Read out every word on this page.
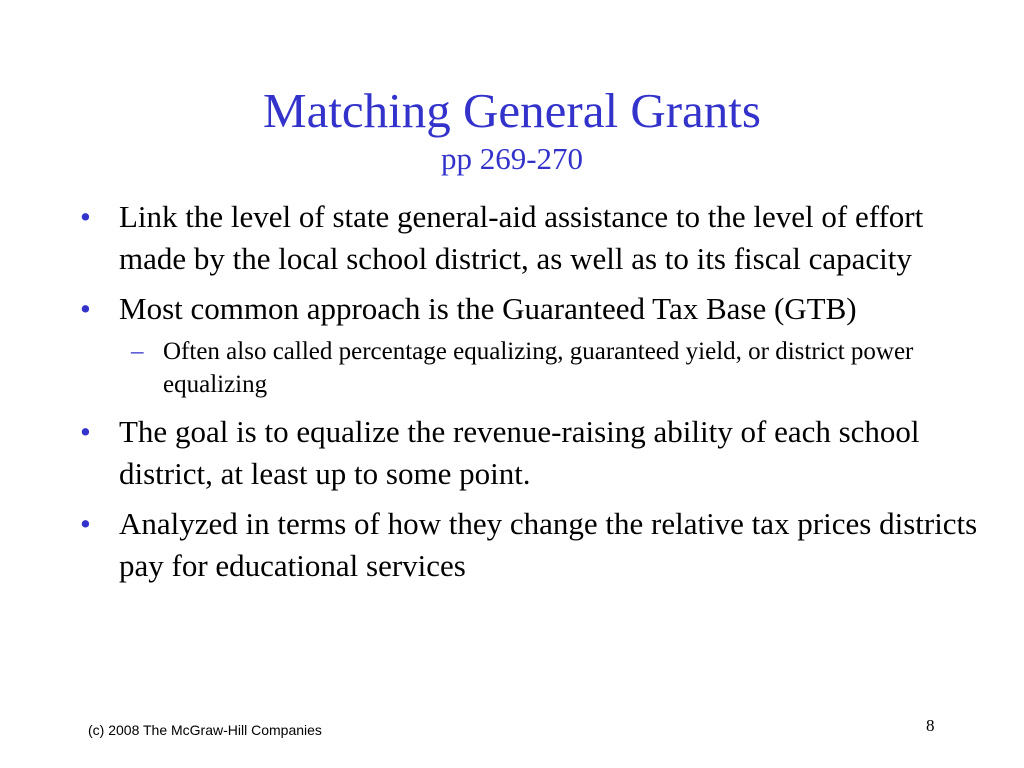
Matching General Grants
pp 269-270
• Link the level of state general-aid assistance to the level of effort made by the local school district, as well as to its fiscal capacity
• Most common approach is the Guaranteed Tax Base (GTB)
– Often also called percentage equalizing, guaranteed yield, or district power equalizing
• The goal is to equalize the revenue-raising ability of each school district, at least up to some point.
• Analyzed in terms of how they change the relative tax prices districts pay for educational services
(c) 2008 The McGraw-Hill Companies	8
